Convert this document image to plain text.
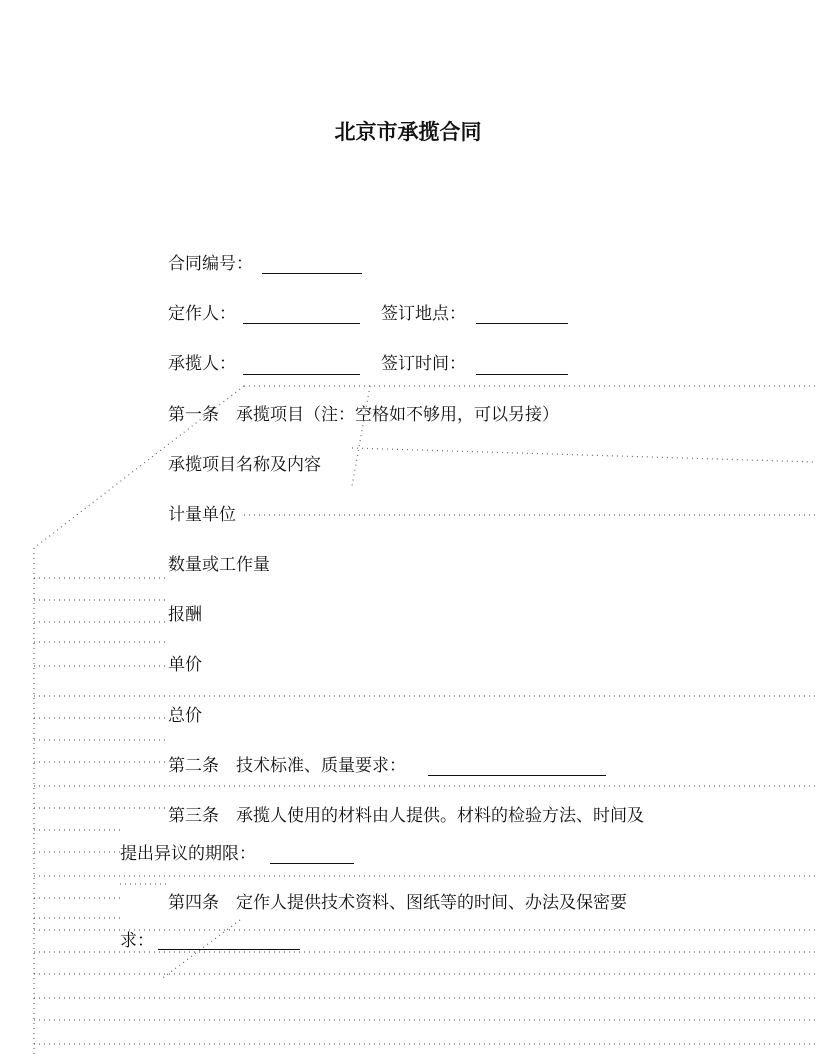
北京市承揽合同
合同编号：
定作人：	签订地点：
承揽人：	签订时间：
第一条　承揽项目（注：空格如不够用，可以另接）
承揽项目名称及内容
计量单位
数量或工作量
报酬
单价
总价
第二条　技术标准、质量要求：
第三条　承揽人使用的材料由人提供。材料的检验方法、时间及
提出异议的期限：
第四条　定作人提供技术资料、图纸等的时间、办法及保密要
求：
